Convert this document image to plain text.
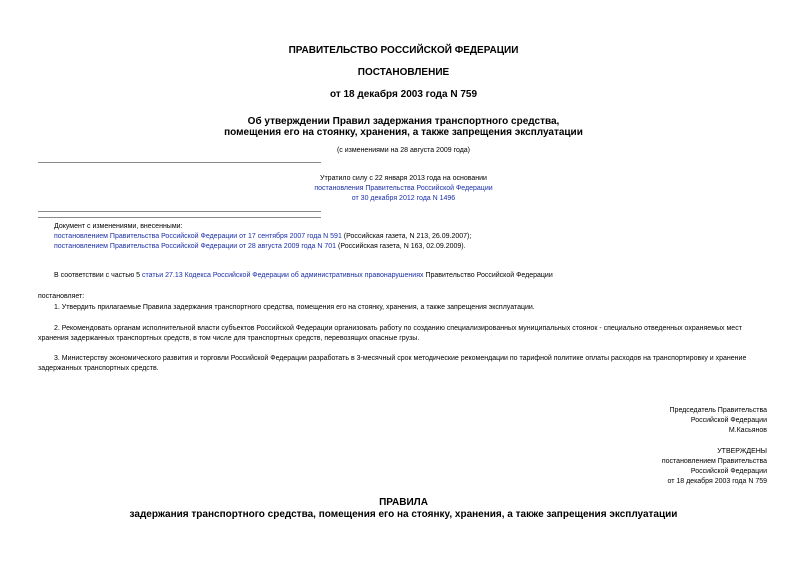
ПРАВИТЕЛЬСТВО РОССИЙСКОЙ ФЕДЕРАЦИИ
ПОСТАНОВЛЕНИЕ
от 18 декабря 2003 года N 759
Об утверждении Правил задержания транспортного средства,
помещения его на стоянку, хранения, а также запрещения эксплуатации
(с изменениями на 28 августа 2009 года)
Утратило силу с 22 января 2013 года на основании
постановления Правительства Российской Федерации
от 30 декабря 2012 года N 1496
Документ с изменениями, внесенными:
постановлением Правительства Российской Федерации от 17 сентября 2007 года N 591 (Российская газета, N 213, 26.09.2007);
постановлением Правительства Российской Федерации от 28 августа 2009 года N 701 (Российская газета, N 163, 02.09.2009).
В соответствии с частью 5 статьи 27.13 Кодекса Российской Федерации об административных правонарушениях Правительство Российской Федерации
постановляет:
1. Утвердить прилагаемые Правила задержания транспортного средства, помещения его на стоянку, хранения, а также запрещения эксплуатации.
2. Рекомендовать органам исполнительной власти субъектов Российской Федерации организовать работу по созданию специализированных муниципальных стоянок - специально отведенных охраняемых мест
хранения задержанных транспортных средств, в том числе для транспортных средств, перевозящих опасные грузы.
3. Министерству экономического развития и торговли Российской Федерации разработать в 3-месячный срок методические рекомендации по тарифной политике оплаты расходов на транспортировку и хранение
задержанных транспортных средств.
Председатель Правительства
Российской Федерации
М.Касьянов
УТВЕРЖДЕНЫ
постановлением Правительства
Российской Федерации
от 18 декабря 2003 года N 759
ПРАВИЛА
задержания транспортного средства, помещения его на стоянку, хранения, а также запрещения эксплуатации
